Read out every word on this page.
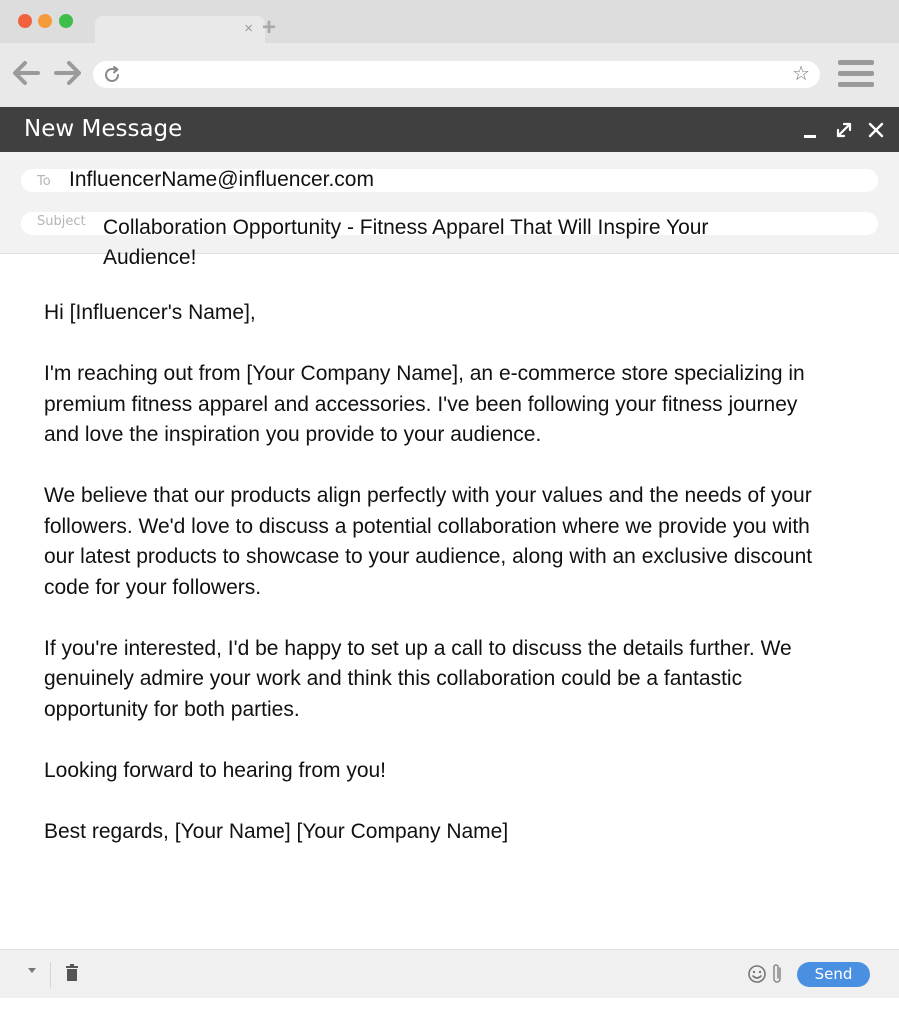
× +
☆
New Message
To InfluencerName@influencer.com
Subject Collaboration Opportunity - Fitness Apparel That Will Inspire Your Audience!

Hi [Influencer's Name],

I'm reaching out from [Your Company Name], an e-commerce store specializing in premium fitness apparel and accessories. I've been following your fitness journey and love the inspiration you provide to your audience.

We believe that our products align perfectly with your values and the needs of your followers. We'd love to discuss a potential collaboration where we provide you with our latest products to showcase to your audience, along with an exclusive discount code for your followers.

If you're interested, I'd be happy to set up a call to discuss the details further. We genuinely admire your work and think this collaboration could be a fantastic opportunity for both parties.

Looking forward to hearing from you!

Best regards, [Your Name] [Your Company Name]

Send
